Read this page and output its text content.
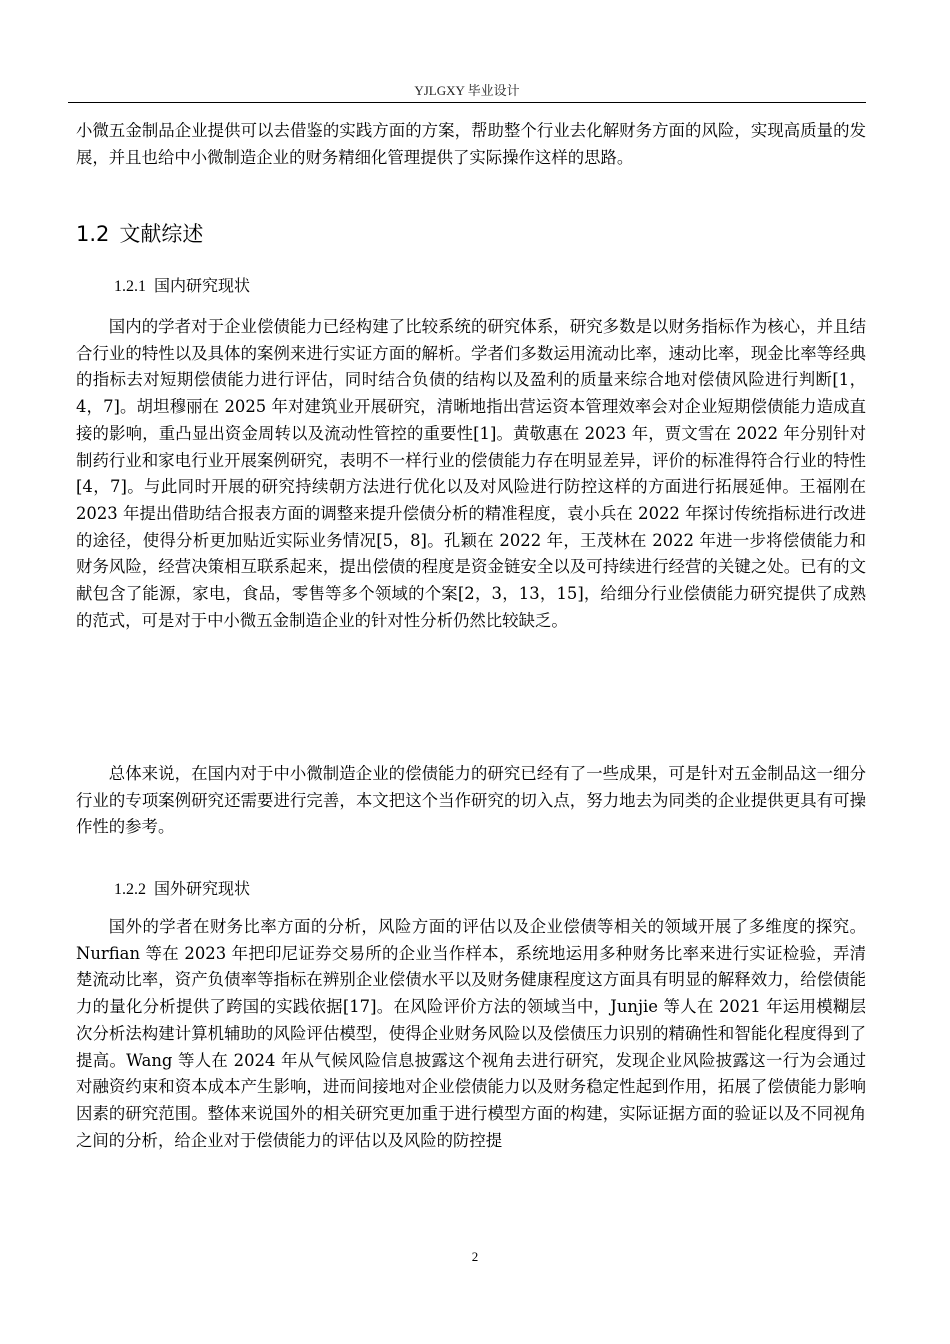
YJLGXY 毕业设计

小微五金制品企业提供可以去借鉴的实践方面的方案，帮助整个行业去化解财务方面的风险，实现高质量的发展，并且也给中小微制造企业的财务精细化管理提供了实际操作这样的思路。

1.2 文献综述
1.2.1 国内研究现状

国内的学者对于企业偿债能力已经构建了比较系统的研究体系，研究多数是以财务指标作为核心，并且结合行业的特性以及具体的案例来进行实证方面的解析。学者们多数运用流动比率，速动比率，现金比率等经典的指标去对短期偿债能力进行评估，同时结合负债的结构以及盈利的质量来综合地对偿债风险进行判断[1，4，7]。胡坦穆丽在 2025 年对建筑业开展研究，清晰地指出营运资本管理效率会对企业短期偿债能力造成直接的影响，重凸显出资金周转以及流动性管控的重要性[1]。黄敬惠在 2023 年，贾文雪在 2022 年分别针对制药行业和家电行业开展案例研究，表明不一样行业的偿债能力存在明显差异，评价的标准得符合行业的特性[4，7]。与此同时开展的研究持续朝方法进行优化以及对风险进行防控这样的方面进行拓展延伸。王福刚在 2023 年提出借助结合报表方面的调整来提升偿债分析的精准程度，袁小兵在 2022 年探讨传统指标进行改进的途径，使得分析更加贴近实际业务情况[5，8]。孔颖在 2022 年，王茂林在 2022 年进一步将偿债能力和财务风险，经营决策相互联系起来，提出偿债的程度是资金链安全以及可持续进行经营的关键之处。已有的文献包含了能源，家电，食品，零售等多个领域的个案[2，3，13，15]，给细分行业偿债能力研究提供了成熟的范式，可是对于中小微五金制造企业的针对性分析仍然比较缺乏。

总体来说，在国内对于中小微制造企业的偿债能力的研究已经有了一些成果，可是针对五金制品这一细分行业的专项案例研究还需要进行完善，本文把这个当作研究的切入点，努力地去为同类的企业提供更具有可操作性的参考。

1.2.2 国外研究现状

国外的学者在财务比率方面的分析，风险方面的评估以及企业偿债等相关的领域开展了多维度的探究。Nurfian 等在 2023 年把印尼证券交易所的企业当作样本，系统地运用多种财务比率来进行实证检验，弄清楚流动比率，资产负债率等指标在辨别企业偿债水平以及财务健康程度这方面具有明显的解释效力，给偿债能力的量化分析提供了跨国的实践依据[17]。在风险评价方法的领域当中，Junjie 等人在 2021 年运用模糊层次分析法构建计算机辅助的风险评估模型，使得企业财务风险以及偿债压力识别的精确性和智能化程度得到了提高。Wang 等人在 2024 年从气候风险信息披露这个视角去进行研究，发现企业风险披露这一行为会通过对融资约束和资本成本产生影响，进而间接地对企业偿债能力以及财务稳定性起到作用，拓展了偿债能力影响因素的研究范围。整体来说国外的相关研究更加重于进行模型方面的构建，实际证据方面的验证以及不同视角之间的分析，给企业对于偿债能力的评估以及风险的防控提

2
